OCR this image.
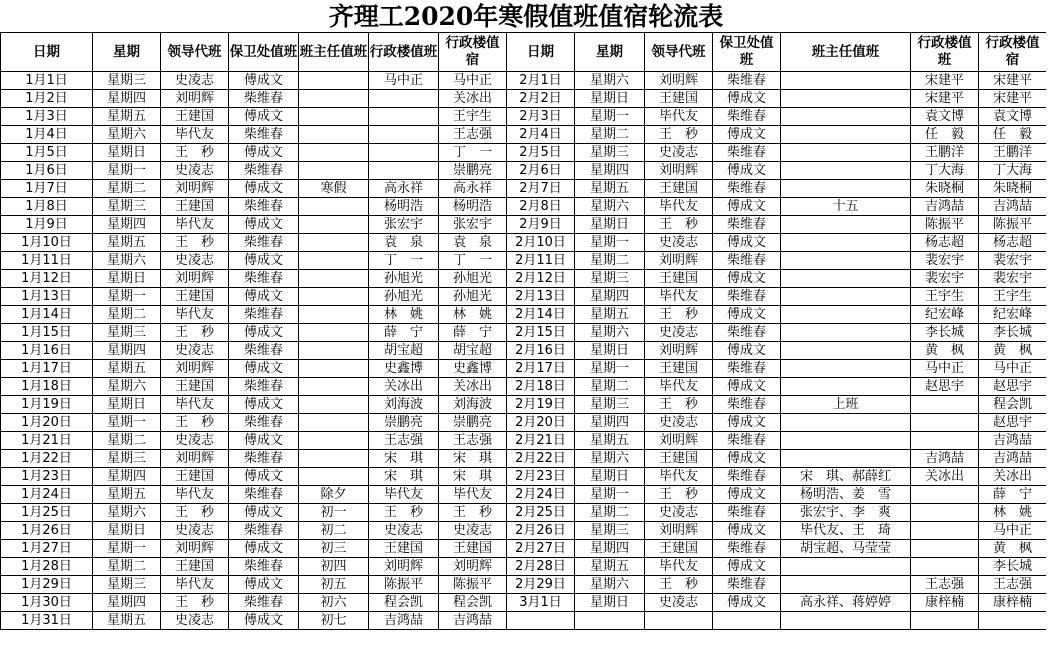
齐理工2020年寒假值班值宿轮流表
日期	星期	领导代班	保卫处值班	班主任值班	行政楼值班	行政楼值宿	日期	星期	领导代班	保卫处值班	班主任值班	行政楼值班	行政楼值宿
1月1日	星期三	史凌志	傅成文		马中正	马中正	2月1日	星期六	刘明辉	柴维春		宋建平	宋建平
1月2日	星期四	刘明辉	柴维春			关冰出	2月2日	星期日	王建国	傅成文		宋建平	宋建平
1月3日	星期五	王建国	傅成文			王宇生	2月3日	星期一	毕代友	柴维春		袁文博	袁文博
1月4日	星期六	毕代友	柴维春			王志强	2月4日	星期二	王　秒	傅成文		任　毅	任　毅
1月5日	星期日	王　秒	傅成文			丁　一	2月5日	星期三	史凌志	柴维春		王鹏洋	王鹏洋
1月6日	星期一	史凌志	柴维春			崇鹏亮	2月6日	星期四	刘明辉	傅成文		丁大海	丁大海
1月7日	星期二	刘明辉	傅成文	寒假	高永祥	高永祥	2月7日	星期五	王建国	柴维春		朱晓桐	朱晓桐
1月8日	星期三	王建国	柴维春		杨明浩	杨明浩	2月8日	星期六	毕代友	傅成文	十五	吉鸿喆	吉鸿喆
1月9日	星期四	毕代友	傅成文		张宏宇	张宏宇	2月9日	星期日	王　秒	柴维春		陈振平	陈振平
1月10日	星期五	王　秒	柴维春		袁　泉	袁　泉	2月10日	星期一	史凌志	傅成文		杨志超	杨志超
1月11日	星期六	史凌志	傅成文		丁　一	丁　一	2月11日	星期二	刘明辉	柴维春		裴宏宇	裴宏宇
1月12日	星期日	刘明辉	柴维春		孙旭光	孙旭光	2月12日	星期三	王建国	傅成文		裴宏宇	裴宏宇
1月13日	星期一	王建国	傅成文		孙旭光	孙旭光	2月13日	星期四	毕代友	柴维春		王宇生	王宇生
1月14日	星期二	毕代友	柴维春		林　姚	林　姚	2月14日	星期五	王　秒	傅成文		纪宏峰	纪宏峰
1月15日	星期三	王　秒	傅成文		薛　宁	薛　宁	2月15日	星期六	史凌志	柴维春		李长城	李长城
1月16日	星期四	史凌志	柴维春		胡宝超	胡宝超	2月16日	星期日	刘明辉	傅成文		黄　枫	黄　枫
1月17日	星期五	刘明辉	傅成文		史鑫博	史鑫博	2月17日	星期一	王建国	柴维春		马中正	马中正
1月18日	星期六	王建国	柴维春		关冰出	关冰出	2月18日	星期二	毕代友	傅成文		赵思宇	赵思宇
1月19日	星期日	毕代友	傅成文		刘海波	刘海波	2月19日	星期三	王　秒	柴维春	上班		程会凯
1月20日	星期一	王　秒	柴维春		崇鹏亮	崇鹏亮	2月20日	星期四	史凌志	傅成文			赵思宇
1月21日	星期二	史凌志	傅成文		王志强	王志强	2月21日	星期五	刘明辉	柴维春			吉鸿喆
1月22日	星期三	刘明辉	柴维春		宋　琪	宋　琪	2月22日	星期六	王建国	傅成文		吉鸿喆	吉鸿喆
1月23日	星期四	王建国	傅成文		宋　琪	宋　琪	2月23日	星期日	毕代友	柴维春	宋　琪、郝薛红	关冰出	关冰出
1月24日	星期五	毕代友	柴维春	除夕	毕代友	毕代友	2月24日	星期一	王　秒	傅成文	杨明浩、姜　雪		薛　宁
1月25日	星期六	王　秒	傅成文	初一	王　秒	王　秒	2月25日	星期二	史凌志	柴维春	张宏宇、李　爽		林　姚
1月26日	星期日	史凌志	柴维春	初二	史凌志	史凌志	2月26日	星期三	刘明辉	傅成文	毕代友、王　琦		马中正
1月27日	星期一	刘明辉	傅成文	初三	王建国	王建国	2月27日	星期四	王建国	柴维春	胡宝超、马莹莹		黄　枫
1月28日	星期二	王建国	柴维春	初四	刘明辉	刘明辉	2月28日	星期五	毕代友	傅成文			李长城
1月29日	星期三	毕代友	傅成文	初五	陈振平	陈振平	2月29日	星期六	王　秒	柴维春		王志强	王志强
1月30日	星期四	王　秒	柴维春	初六	程会凯	程会凯	3月1日	星期日	史凌志	傅成文	高永祥、蒋婷婷	康梓楠	康梓楠
1月31日	星期五	史凌志	傅成文	初七	吉鸿喆	吉鸿喆							
